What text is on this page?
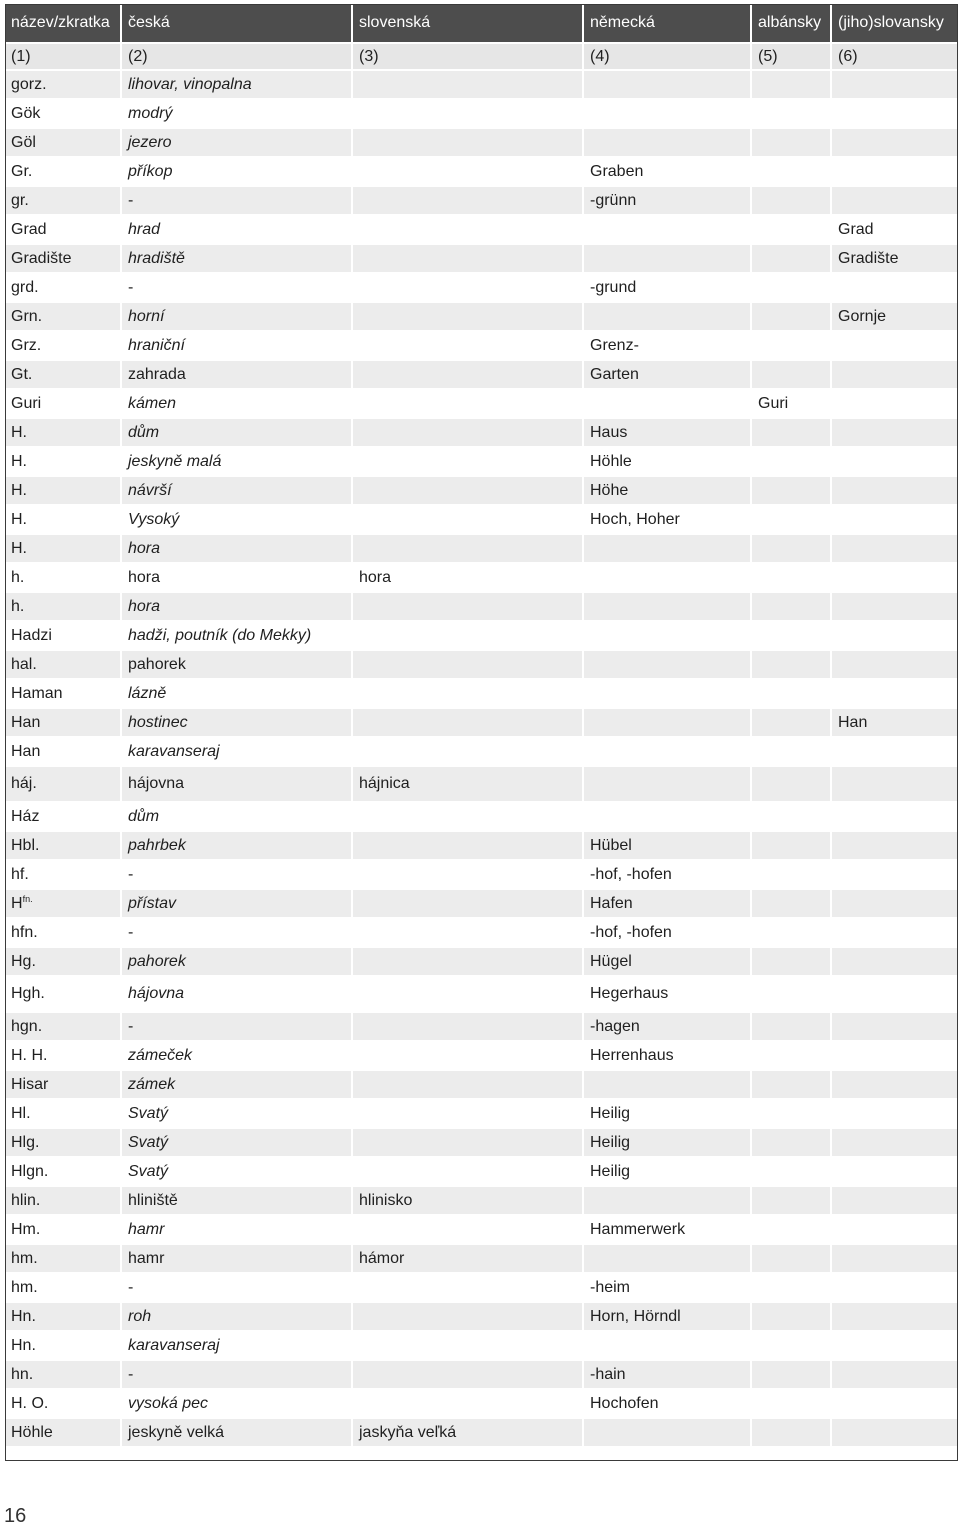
název/zkratka	česká	slovenská	německá	albánsky	(jiho)slovansky
(1)	(2)	(3)	(4)	(5)	(6)
gorz.	lihovar, vinopalna				
Gök	modrý				
Göl	jezero				
Gr.	příkop		Graben		
gr.	-		-grünn		
Grad	hrad				Grad
Gradište	hradiště				Gradište
grd.	-		-grund		
Grn.	horní				Gornje
Grz.	hraniční		Grenz-		
Gt.	zahrada		Garten		
Guri	kámen			Guri	
H.	dům		Haus		
H.	jeskyně malá		Höhle		
H.	návrší		Höhe		
H.	Vysoký		Hoch, Hoher		
H.	hora				
h.	hora	hora			
h.	hora				
Hadzi	hadži, poutník (do Mekky)				
hal.	pahorek				
Haman	lázně				
Han	hostinec				Han
Han	karavanseraj				
háj.	hájovna	hájnica			
Ház	dům				
Hbl.	pahrbek		Hübel		
hf.	-		-hof, -hofen		
$H^{fn.}$	přístav		Hafen		
hfn.	-		-hof, -hofen		
Hg.	pahorek		Hügel		
Hgh.	hájovna		Hegerhaus		
hgn.	-		-hagen		
H. H.	zámeček		Herrenhaus		
Hisar	zámek				
Hl.	Svatý		Heilig		
Hlg.	Svatý		Heilig		
Hlgn.	Svatý		Heilig		
hlin.	hliniště	hlinisko			
Hm.	hamr		Hammerwerk		
hm.	hamr	hámor			
hm.	-		-heim		
Hn.	roh		Horn, Hörndl		
Hn.	karavanseraj				
hn.	-		-hain		
H. O.	vysoká pec		Hochofen		
Höhle	jeskyně velká	jaskyňa veľká			
16
